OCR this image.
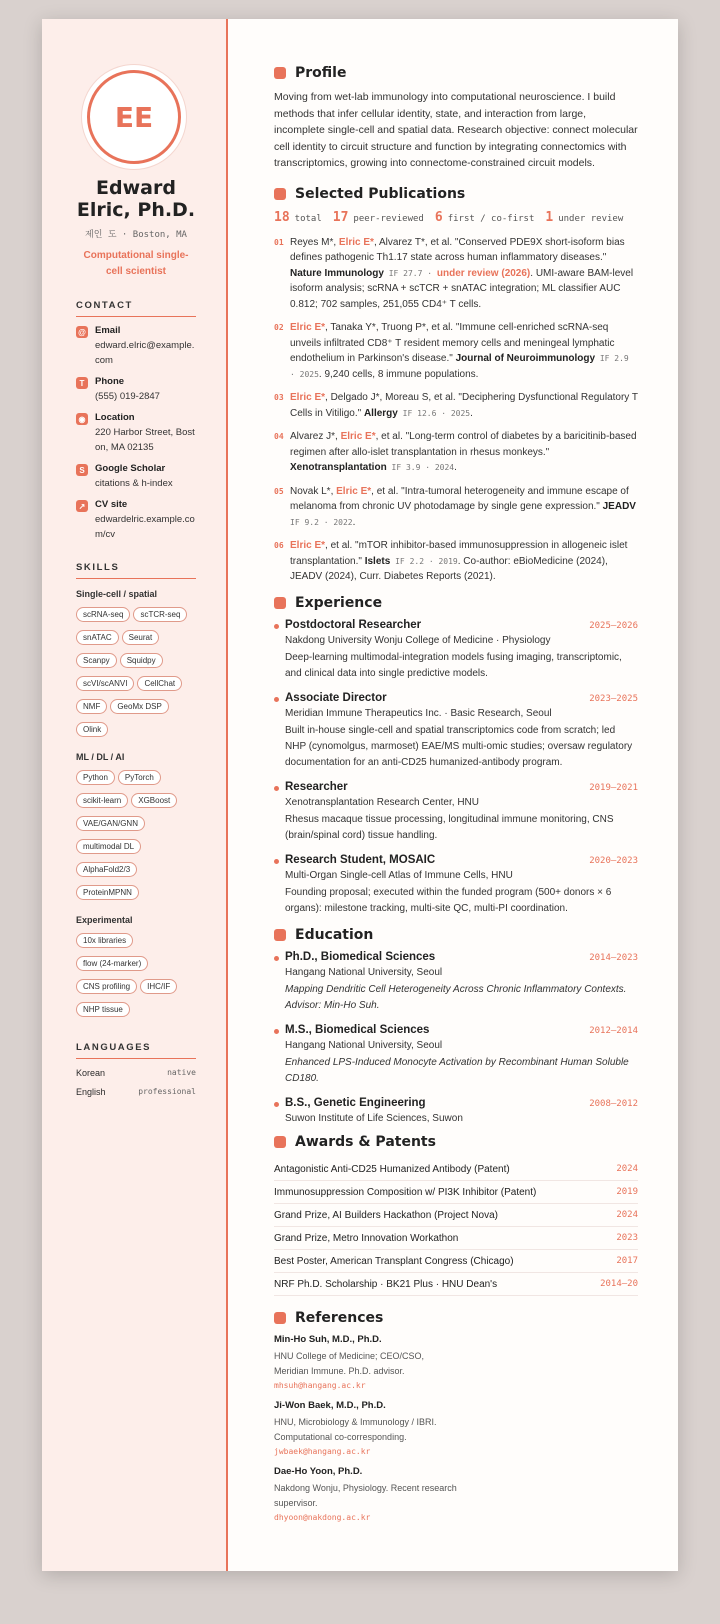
EE
Edward Elric, Ph.D.
제인 도 · Boston, MA
Computational single-cell scientist
CONTACT
@ Email
edward.elric@example.com
T	Phone
(555) 019-2847
◉ Location
220 Harbor Street, Boston, MA 02135
S	Google Scholar
citations & h-index
↗ CV site
edwardelric.example.com/cv
SKILLS
Single-cell / spatial
scRNA-seq scTCR-seqsnATAC SeuratScanpy SquidpyscVI/scANVI CellChatNMF GeoMx DSPOlink
ML / DL / AI
Python PyTorchscikit-learn XGBoostVAE/GAN/GNNmultimodal DLAlphaFold2/3ProteinMPNN
Experimental
10x librariesflow (24-marker)CNS profiling IHC/IFNHP tissue
LANGUAGES
Korean	native
English	professional
Profile
Moving from wet-lab immunology into computational neuroscience. I build methods that infer cellular identity, state, and interaction from large, incomplete single-cell and spatial data. Research objective: connect molecular cell identity to circuit structure and function by integrating connectomics with transcriptomics, growing into connectome-constrained circuit models.
Selected Publications
18 total 17 peer-reviewed 6 first / co-first 1 under review
01 Reyes M*, Elric E*, Alvarez T*, et al. "Conserved PDE9X short-isoform bias defines pathogenic Th1.17 state across human inflammatory diseases." Nature Immunology IF 27.7 · under review (2026). UMI-aware BAM-level isoform analysis; scRNA + scTCR + snATAC integration; ML classifier AUC 0.812; 702 samples, 251,055 CD4⁺ T cells.
02 Elric E*, Tanaka Y*, Truong P*, et al. "Immune cell-enriched scRNA-seq unveils infiltrated CD8⁺ T resident memory cells and meningeal lymphatic endothelium in Parkinson's disease." Journal of Neuroimmunology IF 2.9 · 2025. 9,240 cells, 8 immune populations.
03 Elric E*, Delgado J*, Moreau S, et al. "Deciphering Dysfunctional Regulatory T Cells in Vitiligo." Allergy IF 12.6 · 2025.
04 Alvarez J*, Elric E*, et al. "Long-term control of diabetes by a baricitinib-based regimen after allo-islet transplantation in rhesus monkeys." Xenotransplantation IF 3.9 · 2024.
05 Novak L*, Elric E*, et al. "Intra-tumoral heterogeneity and immune escape of melanoma from chronic UV photodamage by single gene expression." JEADV IF 9.2 · 2022.
06 Elric E*, et al. "mTOR inhibitor-based immunosuppression in allogeneic islet transplantation." Islets IF 2.2 · 2019. Co-author: eBioMedicine (2024), JEADV (2024), Curr. Diabetes Reports (2021).
Experience
Postdoctoral Researcher	2025–2026
Nakdong University Wonju College of Medicine · Physiology
Deep-learning multimodal-integration models fusing imaging, transcriptomic, and clinical data into single predictive models.
Associate Director	2023–2025
Meridian Immune Therapeutics Inc. · Basic Research, Seoul
Built in-house single-cell and spatial transcriptomics code from scratch; led NHP (cynomolgus, marmoset) EAE/MS multi-omic studies; oversaw regulatory documentation for an anti-CD25 humanized-antibody program.
Researcher	2019–2021
Xenotransplantation Research Center, HNU
Rhesus macaque tissue processing, longitudinal immune monitoring, CNS (brain/spinal cord) tissue handling.
Research Student, MOSAIC	2020–2023
Multi-Organ Single-cell Atlas of Immune Cells, HNU
Founding proposal; executed within the funded program (500+ donors × 6 organs): milestone tracking, multi-site QC, multi-PI coordination.
Education
Ph.D., Biomedical Sciences	2014–2023
Hangang National University, Seoul
Mapping Dendritic Cell Heterogeneity Across Chronic Inflammatory Contexts. Advisor: Min-Ho Suh.
M.S., Biomedical Sciences	2012–2014
Hangang National University, Seoul
Enhanced LPS-Induced Monocyte Activation by Recombinant Human Soluble CD180.
B.S., Genetic Engineering	2008–2012
Suwon Institute of Life Sciences, Suwon
Awards & Patents
Antagonistic Anti-CD25 Humanized Antibody (Patent)	2024
Immunosuppression Composition w/ PI3K Inhibitor (Patent)	2019
Grand Prize, AI Builders Hackathon (Project Nova)	2024
Grand Prize, Metro Innovation Workathon	2023
Best Poster, American Transplant Congress (Chicago)	2017
NRF Ph.D. Scholarship · BK21 Plus · HNU Dean's	2014–20
References
Min-Ho Suh, M.D., Ph.D.
HNU College of Medicine; CEO/CSO, Meridian Immune. Ph.D. advisor.
mhsuh@hangang.ac.kr
Ji-Won Baek, M.D., Ph.D.
HNU, Microbiology & Immunology / IBRI. Computational co-corresponding.
jwbaek@hangang.ac.kr
Dae-Ho Yoon, Ph.D.
Nakdong Wonju, Physiology. Recent research supervisor.
dhyoon@nakdong.ac.kr
